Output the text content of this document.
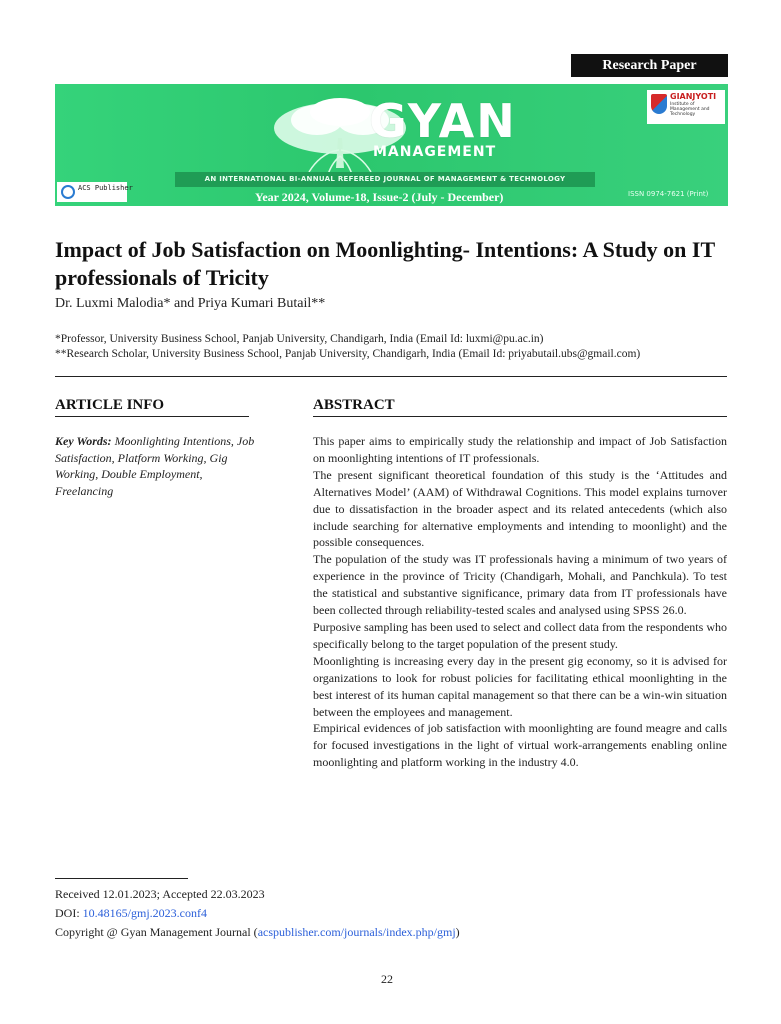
Research Paper
GYAN
MANAGEMENT
AN INTERNATIONAL BI-ANNUAL REFEREED JOURNAL OF MANAGEMENT & TECHNOLOGY
Year 2024, Volume-18, Issue-2 (July - December)	ISSN 0974-7621 (Print)
ACS Publisher
GIANJYOTI
Institute of Management and Technology
Impact of Job Satisfaction on Moonlighting- Intentions: A Study on IT professionals of Tricity
Dr. Luxmi Malodia* and Priya Kumari Butail**
*Professor, University Business School, Panjab University, Chandigarh, India (Email Id: luxmi@pu.ac.in)
**Research Scholar, University Business School, Panjab University, Chandigarh, India (Email Id: priyabutail.ubs@gmail.com)
ARTICLE INFO
Key Words: Moonlighting Intentions, Job Satisfaction, Platform Working, Gig Working, Double Employment, Freelancing
ABSTRACT

This paper aims to empirically study the relationship and impact of Job Satisfaction on moonlighting intentions of IT professionals.

The present significant theoretical foundation of this study is the ‘Attitudes and Alternatives Model’ (AAM) of Withdrawal Cognitions. This model explains turnover due to dissatisfaction in the broader aspect and its related antecedents (which also include searching for alternative employments and intending to moonlight) and the possible consequences.

The population of the study was IT professionals having a minimum of two years of experience in the province of Tricity (Chandigarh, Mohali, and Panchkula). To test the statistical and substantive significance, primary data from IT professionals have been collected through reliability-tested scales and analysed using SPSS 26.0.

Purposive sampling has been used to select and collect data from the respondents who specifically belong to the target population of the present study.

Moonlighting is increasing every day in the present gig economy, so it is advised for organizations to look for robust policies for facilitating ethical moonlighting in the best interest of its human capital management so that there can be a win-win situation between the employees and management.

Empirical evidences of job satisfaction with moonlighting are found meagre and calls for focused investigations in the light of virtual work-arrangements enabling online moonlighting and platform working in the industry 4.0.

Received 12.01.2023; Accepted 22.03.2023
DOI: 10.48165/gmj.2023.conf4
Copyright @ Gyan Management Journal (acspublisher.com/journals/index.php/gmj)
22
